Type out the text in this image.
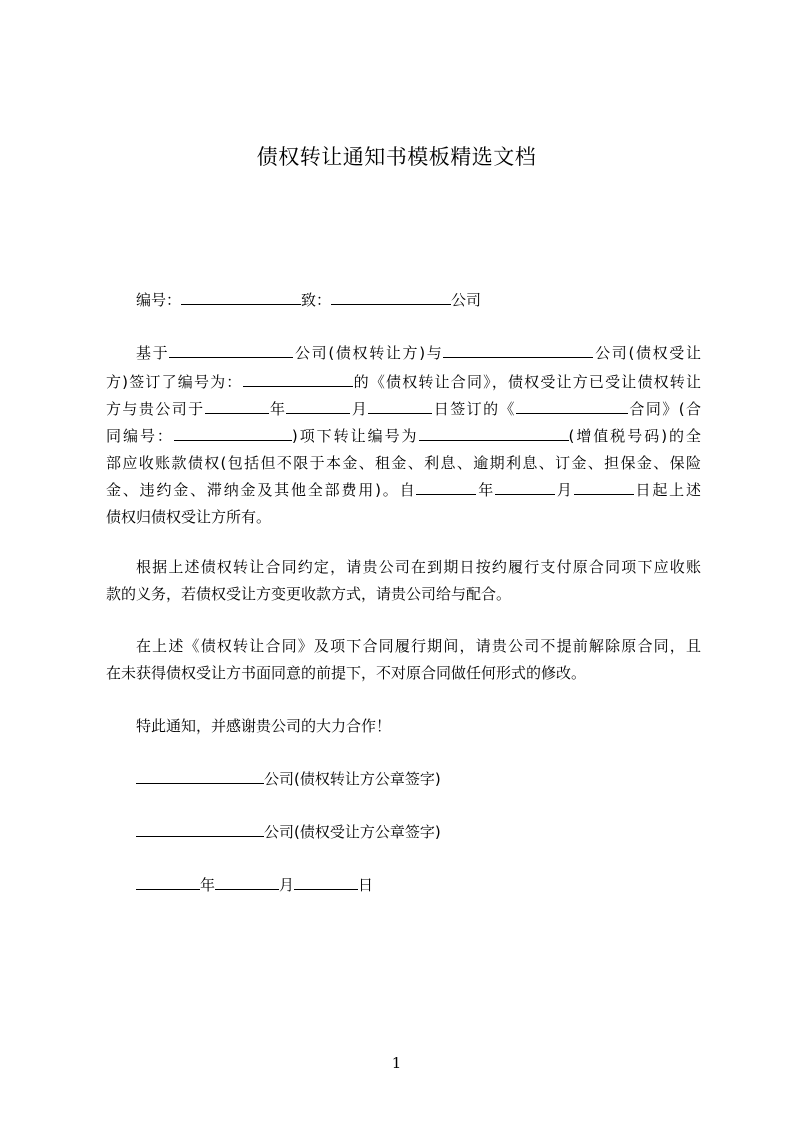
债权转让通知书模板精选文档
编号：	致：	公司
基于	公司(债权转让方)与	公司(债权受让
方)签订了编号为：	的《债权转让合同》，债权受让方已受让债权转让
方与贵公司于	年	月	日签订的《	合同》(合
同编号：	)项下转让编号为	(增值税号码)的全
部应收账款债权(包括但不限于本金、租金、利息、逾期利息、订金、担保金、保险
金、违约金、滞纳金及其他全部费用)。自	年	月	日起上述
债权归债权受让方所有。
根据上述债权转让合同约定，请贵公司在到期日按约履行支付原合同项下应收账
款的义务，若债权受让方变更收款方式，请贵公司给与配合。
在上述《债权转让合同》及项下合同履行期间，请贵公司不提前解除原合同，且
在未获得债权受让方书面同意的前提下，不对原合同做任何形式的修改。
特此通知，并感谢贵公司的大力合作！
公司(债权转让方公章签字)
公司(债权受让方公章签字)
年	月	日
1
